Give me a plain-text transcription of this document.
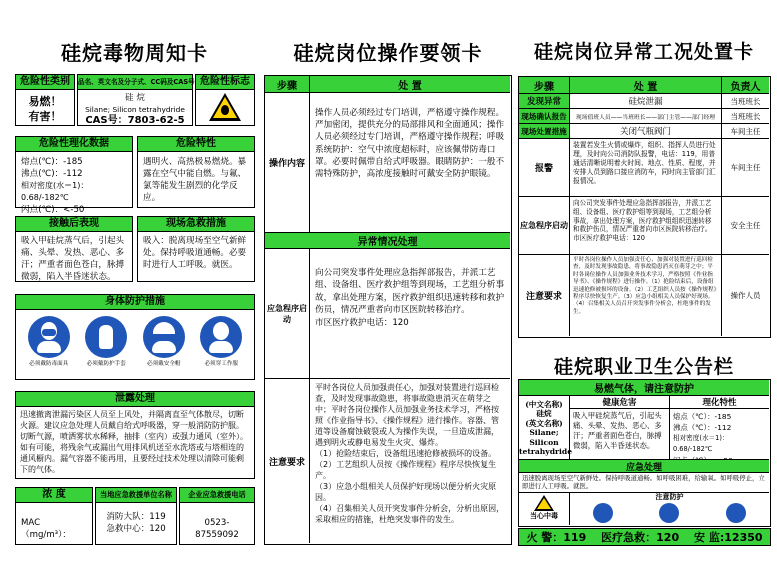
硅烷毒物周知卡
危险性类别

易燃！

有害！

品名、英文名及分子式、CC码及CAS号

硅 烷

Silane; Silicon tetrahydride

CAS号：7803-62-5

危险性标志
危险性理化数据

熔点(℃)：-185

沸点(℃)：-112

相对密度(水＝1)：0.68/-182℃

闪点(℃)：<-50

危险特性
遇明火、高热极易燃烧。暴露在空气中能自燃。与氟、氯等能发生剧烈的化学反应。
接触后表现
吸入甲硅烷蒸气后，引起头痛、头晕、发热、恶心、多汗；严重者面色苍白，脉搏微弱，陷入半昏迷状态。
现场急救措施
吸入：脱离现场至空气新鲜处。保持呼吸道通畅。必要时进行人工呼吸。就医。
身体防护措施
必须戴防毒面具	必须戴防护手套	必须戴安全帽	必须穿工作服
泄露处理
迅速撤离泄漏污染区人员至上风处，并隔离直至气体散尽，切断火源。建议应急处理人员戴自给式呼吸器，穿一般消防防护服。切断气源，喷洒雾状水稀释，抽排（室内）或强力通风（室外）。如有可能，将残余气或漏出气用排风机送至水洗塔或与塔相连的通风橱内。漏气容器不能再用，且要经过技术处理以清除可能剩下的气体。
浓 度
MAC（mg/m³）：
当地应急救援单位名称

消防大队：119

急救中心：120

企业应急救援电话
0523-87559092
硅烷岗位操作要领卡
步骤	处 置
操作内容
操作人员必须经过专门培训，严格遵守操作规程。严加密闭，提供充分的局部排风和全面通风；操作人员必须经过专门培训，严格遵守操作规程；呼吸系统防护：空气中浓度超标时，应该佩带防毒口罩。必要时佩带自给式呼吸器。眼睛防护：一般不需特殊防护，高浓度接触时可戴安全防护眼镜。
异常情况处理
应急程序启动

向公司突发事件处理应急指挥部报告，并派工艺组、设备组、医疗救护组等到现场，工艺组分析事故，拿出处理方案，医疗救护组织迅速转移和救护伤员，情况严重者向市区医院转移治疗。

市区医疗救护电话：120

注意要求

平时各岗位人员加强责任心，加强对装置进行巡回检查，及时发现事故隐患，将事故隐患消灭在萌芽之中；平时各岗位操作人员加强业务技术学习，严格按照《作业指导书》、《操作规程》进行操作。容器、管道等设备腐蚀破裂或人为操作失误，一旦造成泄漏，遇到明火或静电易发生火灾、爆炸。

（1）抢险结束后，设备组迅速抢修被损坏的设备。

（2）工艺组织人员按《操作规程》程序尽快恢复生产。

（3）应急小组相关人员保护好现场以便分析火灾原因。

（4）召集相关人员开突发事件分析会，分析出原因，采取相应的措施，杜绝突发事件的发生。

硅烷岗位异常工况处置卡
步骤	处 置	负责人
发现异常	硅烷泄漏	当班班长
现场确认报告	现场值班人员——当班班长——部门主管——部门经理	当班班长
现场处置措施	关闭气瓶阀门	车间主任
报警
装置若发生火情或爆炸，组织、指挥人员进行处理，及时向公司消防队报警，电话：119，用普通话清晰说明着火时间、地点、性质、程度，并安排人员到路口接应消防车，同时向主管部门汇报情况。
车间主任
应急程序启动
向公司突发事件处理应急指挥部报告，并派工艺组、设备组、医疗救护组等到现场，工艺组分析事故，拿出处理方案，医疗救护组组织迅速转移和救护伤员，情况严重者向市区医院转移治疗。市区医疗救护电话：120
安全主任
注意要求
平时各岗位操作人员加强责任心，加强对装置进行巡回检查，及时发现事故隐患，将事故隐患消灭在萌芽之中；平时各岗位操作人员加强业务技术学习，严格按照《作业指导书》、《操作规程》进行操作。（1）抢险结束后，设备组迅速抢修被损坏的设备。（2）工艺组织人员按《操作规程》程序尽快恢复生产。（3）应急小组相关人员保护好现场。（4）召集相关人员召开突发事件分析会，杜绝事件的发生。
操作人员
硅烷职业卫生公告栏
易燃气体，请注意防护

(中文名称)

硅烷

(英文名称)

Silane;

Silicon

tetrahydride

健康危害	理化特性
吸入甲硅烷蒸气后，引起头痛、头晕、发热、恶心、多汗；严重者面色苍白，脉搏微弱，陷入半昏迷状态。

熔点（℃）：-185

沸点（℃）：-112

相对密度(水＝1)：0.68/-182℃

应急处理
迅速脱离现场至空气新鲜处。保持呼吸道通畅。如呼吸困难，给输氧。如呼吸停止，立即进行人工呼吸。就医。
当心中毒
注意防护
火 警：119 医疗急救：120 安 监:12350
